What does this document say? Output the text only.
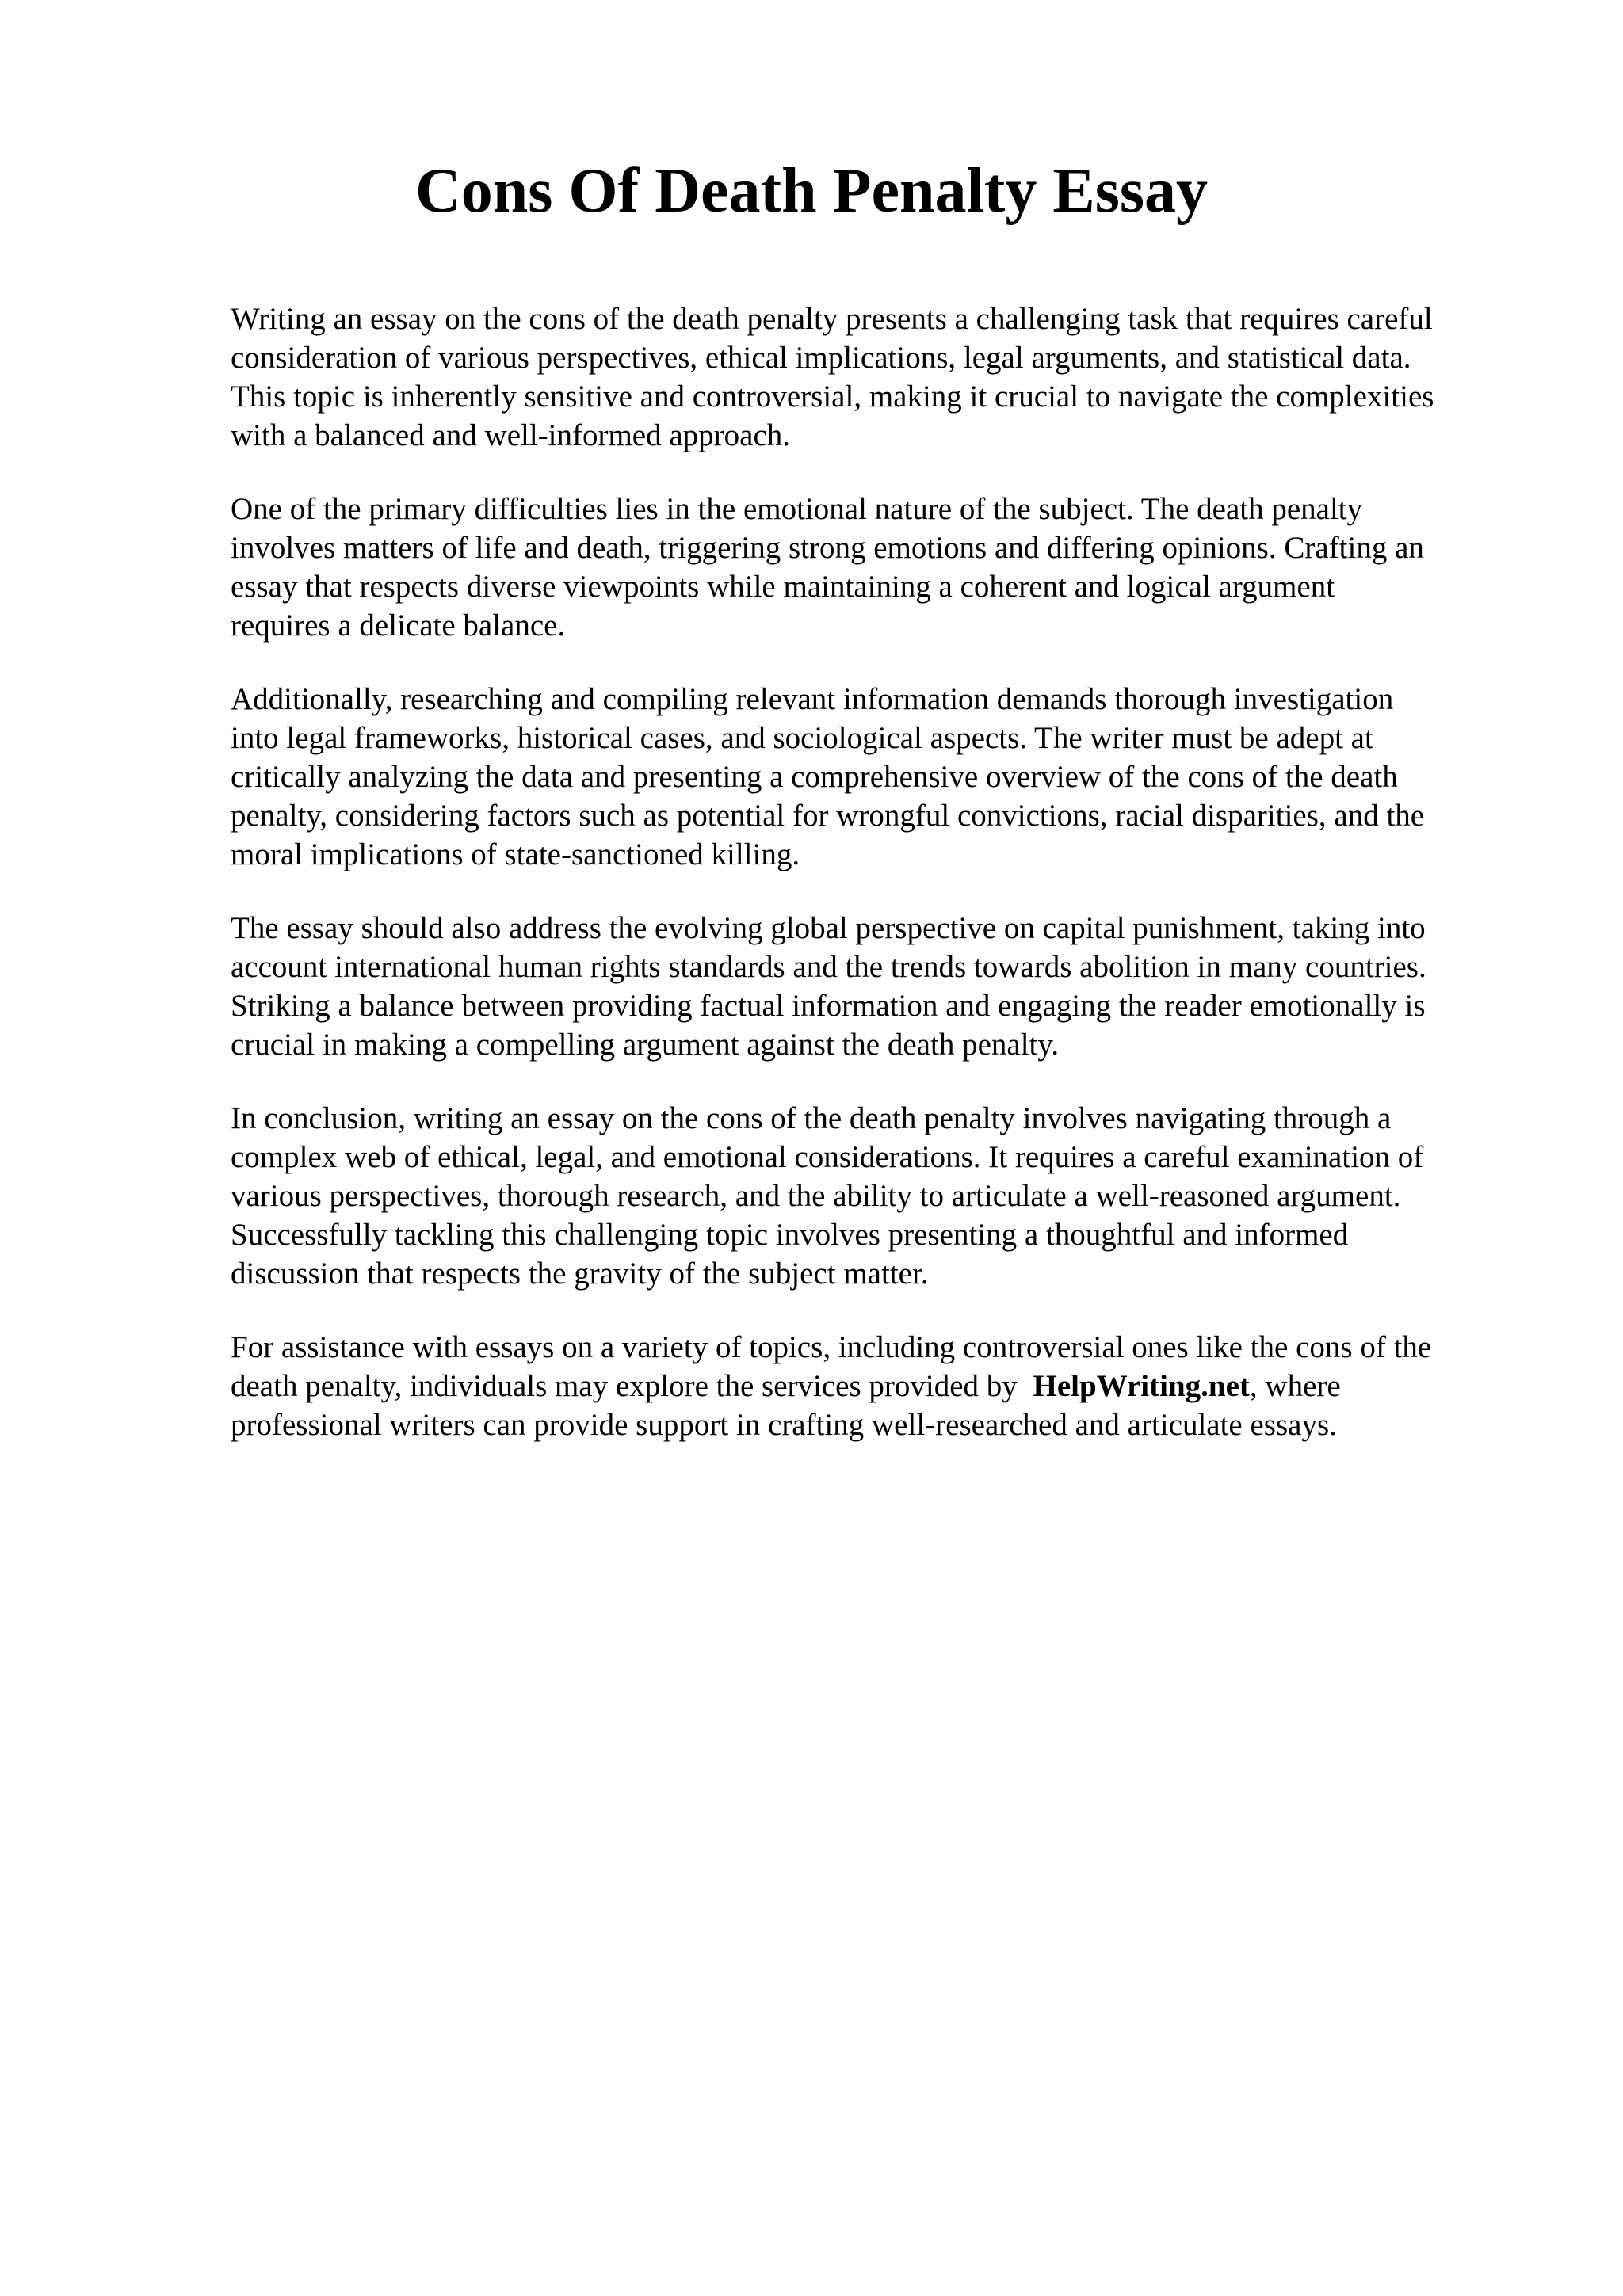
Cons Of Death Penalty Essay

Writing an essay on the cons of the death penalty presents a challenging task that requires careful
consideration of various perspectives, ethical implications, legal arguments, and statistical data.
This topic is inherently sensitive and controversial, making it crucial to navigate the complexities
with a balanced and well-informed approach.

One of the primary difficulties lies in the emotional nature of the subject. The death penalty
involves matters of life and death, triggering strong emotions and differing opinions. Crafting an
essay that respects diverse viewpoints while maintaining a coherent and logical argument
requires a delicate balance.

Additionally, researching and compiling relevant information demands thorough investigation
into legal frameworks, historical cases, and sociological aspects. The writer must be adept at
critically analyzing the data and presenting a comprehensive overview of the cons of the death
penalty, considering factors such as potential for wrongful convictions, racial disparities, and the
moral implications of state-sanctioned killing.

The essay should also address the evolving global perspective on capital punishment, taking into
account international human rights standards and the trends towards abolition in many countries.
Striking a balance between providing factual information and engaging the reader emotionally is
crucial in making a compelling argument against the death penalty.

In conclusion, writing an essay on the cons of the death penalty involves navigating through a
complex web of ethical, legal, and emotional considerations. It requires a careful examination of
various perspectives, thorough research, and the ability to articulate a well-reasoned argument.
Successfully tackling this challenging topic involves presenting a thoughtful and informed
discussion that respects the gravity of the subject matter.

For assistance with essays on a variety of topics, including controversial ones like the cons of the
death penalty, individuals may explore the services provided by HelpWriting.net, where
professional writers can provide support in crafting well-researched and articulate essays.
